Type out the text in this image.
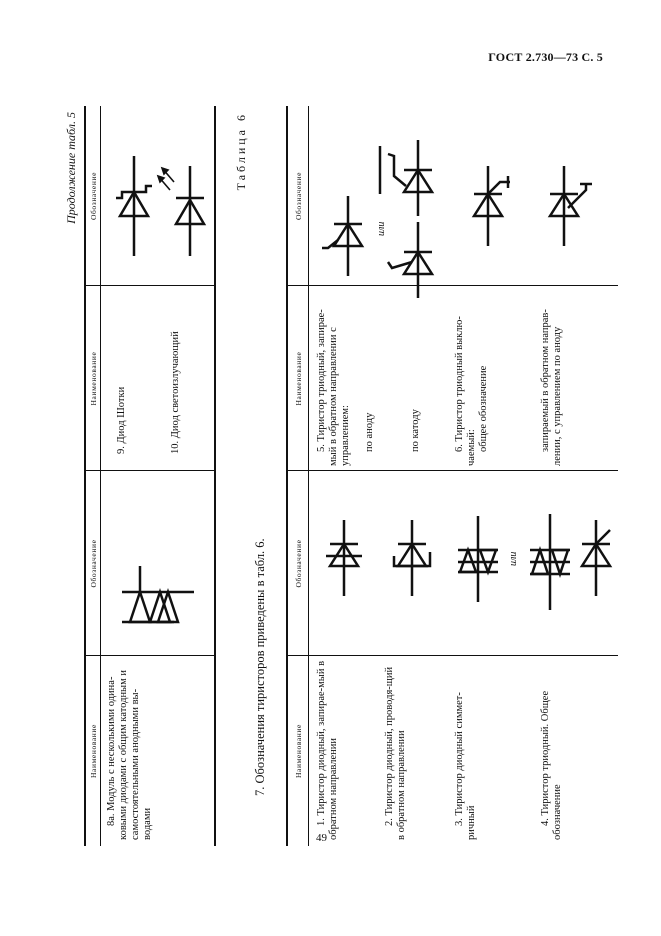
ГОСТ 2.730—73 С. 5
49
Продолжение табл. 5
Наименование
Обозначение
Наименование
Обозначение
8а. Модуль с несколькими одина-ковыми диодами с общим катодным и самостоятельными анодными вы-водами
9. Диод Шотки	10. Диод светоизлучающий
7. Обозначения тиристоров приведены в табл. 6.
Таблица 6
Наименование
Обозначение
Наименование
Обозначение
1. Тиристор диодный, запирае-мый в обратном направлении	2. Тиристор диодный, проводя-щий в обратном направлении	3. Тиристор диодный симмет-ричный	4. Тиристор триодный. Общее обозначение
5. Тиристор триодный, запирае-мый в обратном направлении с управлением: по аноду	по катоду	6. Тиристор триодный выклю-чаемый: общее обозначение	запираемый в обратном направ-лении, с управлением по аноду
или
или
